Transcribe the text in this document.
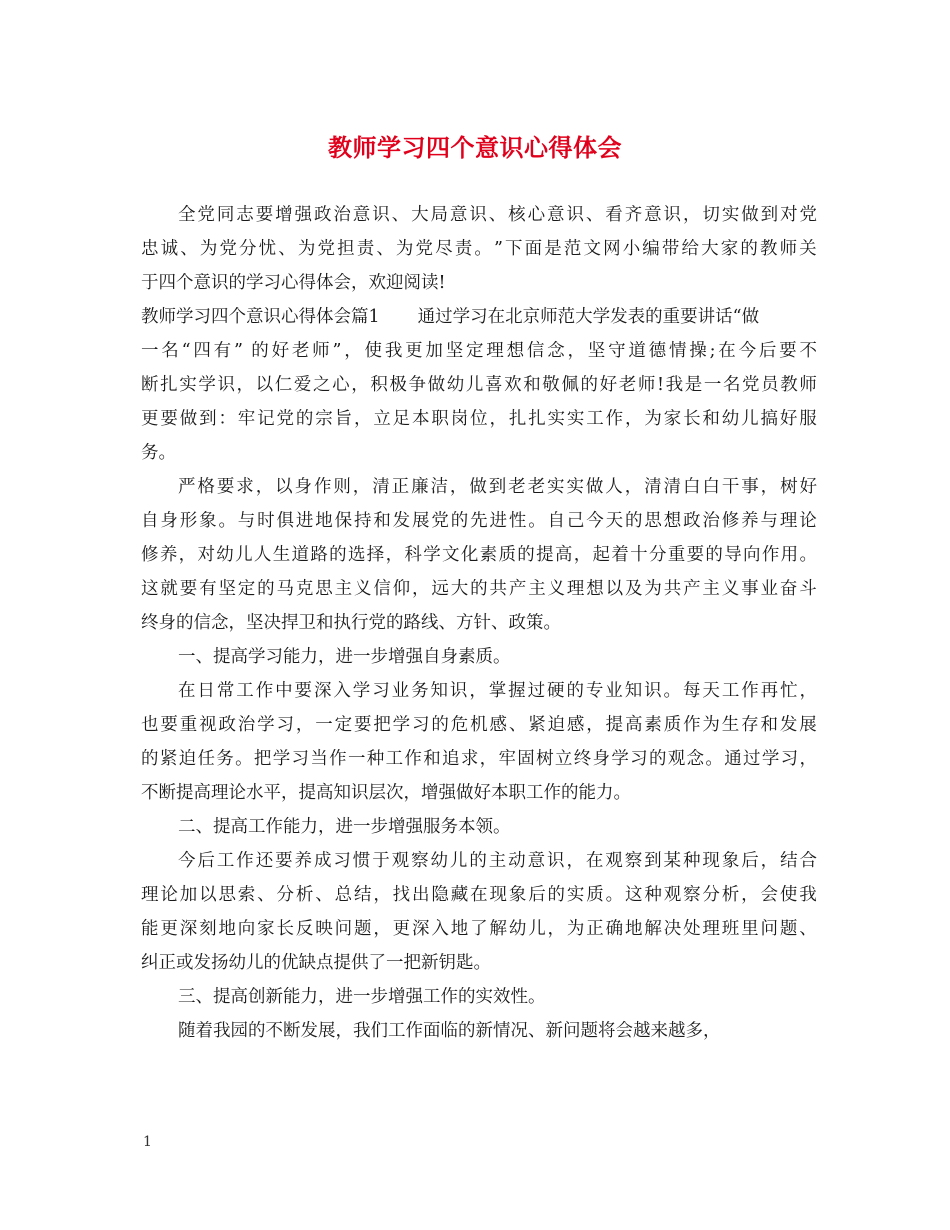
教师学习四个意识心得体会
全 党 同 志 要 增 强 政 治 意 识 、 大 局 意 识 、 核 心 意 识 、 看 齐 意 识 ， 切 实 做 到 对 党
忠 诚 、 为 党 分 忧 、 为 党 担 责 、 为 党 尽 责 。 ” 下 面 是 范 文 网 小 编 带 给 大 家 的 教 师 关
于四个意识的学习心得体会，欢迎阅读!
教师学习四个意识心得体会篇1 通过学习在北京师范大学发表的重要讲话“做
一 名 “ 四 有 ” 的 好 老 师 ” ， 使 我 更 加 坚 定 理 想 信 念 ， 坚 守 道 德 情 操 ; 在 今 后 要 不
断 扎 实 学 识 ， 以 仁 爱 之 心 ， 积 极 争 做 幼 儿 喜 欢 和 敬 佩 的 好 老 师 ! 我 是 一 名 党 员 教 师
更 要 做 到 ： 牢 记 党 的 宗 旨 ， 立 足 本 职 岗 位 ， 扎 扎 实 实 工 作 ， 为 家 长 和 幼 儿 搞 好 服
务。
严 格 要 求 ， 以 身 作 则 ， 清 正 廉 洁 ， 做 到 老 老 实 实 做 人 ， 清 清 白 白 干 事 ， 树 好
自 身 形 象 。 与 时 俱 进 地 保 持 和 发 展 党 的 先 进 性 。 自 己 今 天 的 思 想 政 治 修 养 与 理 论
修 养 ， 对 幼 儿 人 生 道 路 的 选 择 ， 科 学 文 化 素 质 的 提 高 ， 起 着 十 分 重 要 的 导 向 作 用 。
这 就 要 有 坚 定 的 马 克 思 主 义 信 仰 ， 远 大 的 共 产 主 义 理 想 以 及 为 共 产 主 义 事 业 奋 斗
终身的信念，坚决捍卫和执行党的路线、方针、政策。
一、提高学习能力，进一步增强自身素质。
在 日 常 工 作 中 要 深 入 学 习 业 务 知 识 ， 掌 握 过 硬 的 专 业 知 识 。 每 天 工 作 再 忙 ，
也 要 重 视 政 治 学 习 ， 一 定 要 把 学 习 的 危 机 感 、 紧 迫 感 ， 提 高 素 质 作 为 生 存 和 发 展
的 紧 迫 任 务 。 把 学 习 当 作 一 种 工 作 和 追 求 ， 牢 固 树 立 终 身 学 习 的 观 念 。 通 过 学 习 ，
不断提高理论水平，提高知识层次，增强做好本职工作的能力。
二、提高工作能力，进一步增强服务本领。
今 后 工 作 还 要 养 成 习 惯 于 观 察 幼 儿 的 主 动 意 识 ， 在 观 察 到 某 种 现 象 后 ， 结 合
理 论 加 以 思 索 、 分 析 、 总 结 ， 找 出 隐 藏 在 现 象 后 的 实 质 。 这 种 观 察 分 析 ， 会 使 我
能 更 深 刻 地 向 家 长 反 映 问 题 ， 更 深 入 地 了 解 幼 儿 ， 为 正 确 地 解 决 处 理 班 里 问 题 、
纠正或发扬幼儿的优缺点提供了一把新钥匙。
三、提高创新能力，进一步增强工作的实效性。
随着我园的不断发展，我们工作面临的新情况、新问题将会越来越多，
1
